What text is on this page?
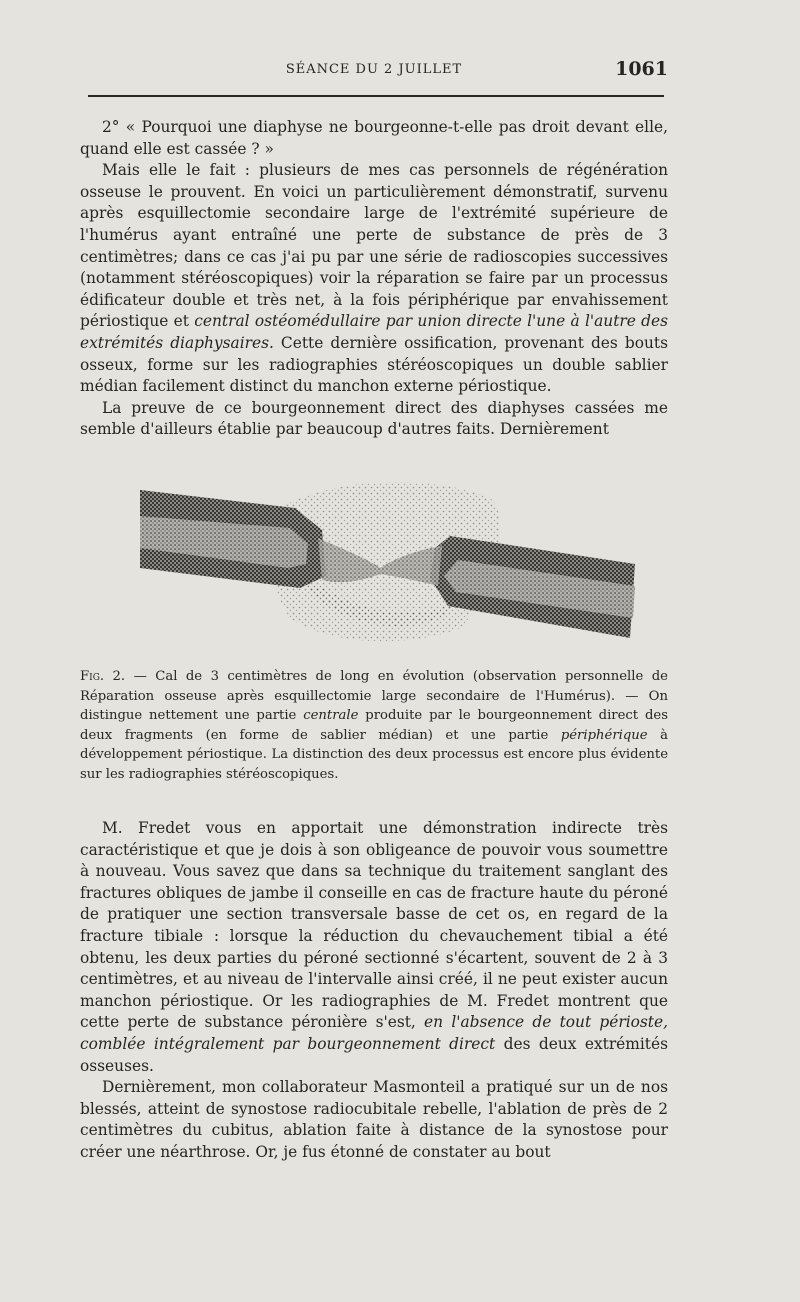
SÉANCE DU 2 JUILLET	1061

2° « Pourquoi une diaphyse ne bourgeonne-t-elle pas droit devant elle, quand elle est cassée ? »

Mais elle le fait : plusieurs de mes cas personnels de régénération osseuse le prouvent. En voici un particulièrement démonstratif, survenu après esquillectomie secondaire large de l'extrémité supérieure de l'humérus ayant entraîné une perte de substance de près de 3 centimètres; dans ce cas j'ai pu par une série de radioscopies successives (notamment stéréoscopiques) voir la réparation se faire par un processus édificateur double et très net, à la fois périphérique par envahissement périostique et central ostéomédullaire par union directe l'une à l'autre des extrémités diaphysaires. Cette dernière ossification, provenant des bouts osseux, forme sur les radiographies stéréoscopiques un double sablier médian facilement distinct du manchon externe périostique.

La preuve de ce bourgeonnement direct des diaphyses cassées me semble d'ailleurs établie par beaucoup d'autres faits. Dernièrement

Fig. 2. — Cal de 3 centimètres de long en évolution (observation personnelle de Réparation osseuse après esquillectomie large secondaire de l'Humérus). — On distingue nettement une partie centrale produite par le bourgeonnement direct des deux fragments (en forme de sablier médian) et une partie périphérique à développement périostique. La distinction des deux processus est encore plus évidente sur les radiographies stéréoscopiques.

M. Fredet vous en apportait une démonstration indirecte très caractéristique et que je dois à son obligeance de pouvoir vous soumettre à nouveau. Vous savez que dans sa technique du traitement sanglant des fractures obliques de jambe il conseille en cas de fracture haute du péroné de pratiquer une section transversale basse de cet os, en regard de la fracture tibiale : lorsque la réduction du chevauchement tibial a été obtenu, les deux parties du péroné sectionné s'écartent, souvent de 2 à 3 centimètres, et au niveau de l'intervalle ainsi créé, il ne peut exister aucun manchon périostique. Or les radiographies de M. Fredet montrent que cette perte de substance péronière s'est, en l'absence de tout périoste, comblée intégralement par bourgeonnement direct des deux extrémités osseuses.

Dernièrement, mon collaborateur Masmonteil a pratiqué sur un de nos blessés, atteint de synostose radiocubitale rebelle, l'ablation de près de 2 centimètres du cubitus, ablation faite à distance de la synostose pour créer une néarthrose. Or, je fus étonné de constater au bout
